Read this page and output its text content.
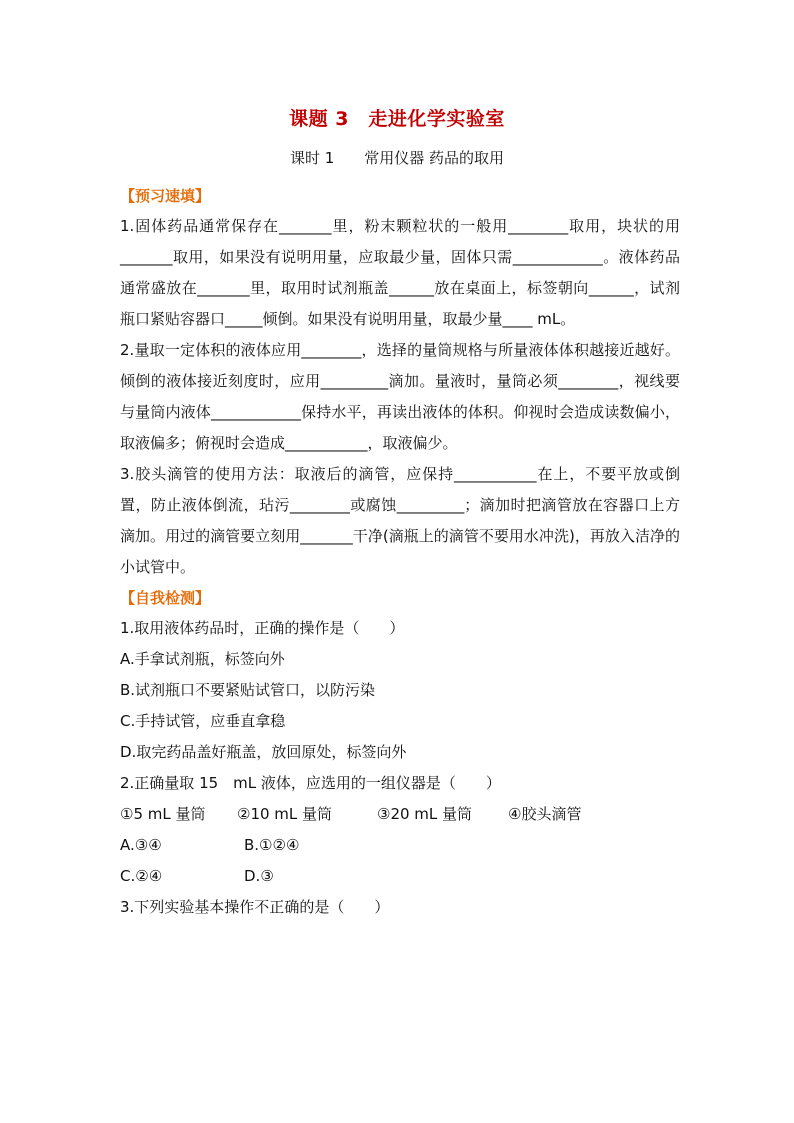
课题 3　走进化学实验室
课时 1　　常用仪器 药品的取用
【预习速填】
1.固体药品通常保存在_______里，粉末颗粒状的一般用________取用，块状的用_______取用，如果没有说明用量，应取最少量，固体只需____________。液体药品通常盛放在_______里，取用时试剂瓶盖______放在桌面上，标签朝向______，试剂瓶口紧贴容器口_____倾倒。如果没有说明用量，取最少量____ mL。
2.量取一定体积的液体应用________，选择的量筒规格与所量液体体积越接近越好。倾倒的液体接近刻度时，应用_________滴加。量液时，量筒必须________，视线要与量筒内液体____________保持水平，再读出液体的体积。仰视时会造成读数偏小，取液偏多；俯视时会造成___________，取液偏少。
3.胶头滴管的使用方法：取液后的滴管，应保持___________在上，不要平放或倒置，防止液体倒流，玷污________或腐蚀_________；滴加时把滴管放在容器口上方滴加。用过的滴管要立刻用_______干净(滴瓶上的滴管不要用水冲洗)，再放入洁净的小试管中。
【自我检测】
1.取用液体药品时，正确的操作是（　　）
A.手拿试剂瓶，标签向外
B.试剂瓶口不要紧贴试管口，以防污染
C.手持试管，应垂直拿稳
D.取完药品盖好瓶盖，放回原处，标签向外
2.正确量取 15　mL 液体，应选用的一组仪器是（　　）
①5 mL 量筒	②10 mL 量筒	③20 mL 量筒	④胶头滴管
A.③④	B.①②④
C.②④	D.③
3.下列实验基本操作不正确的是（　　）
